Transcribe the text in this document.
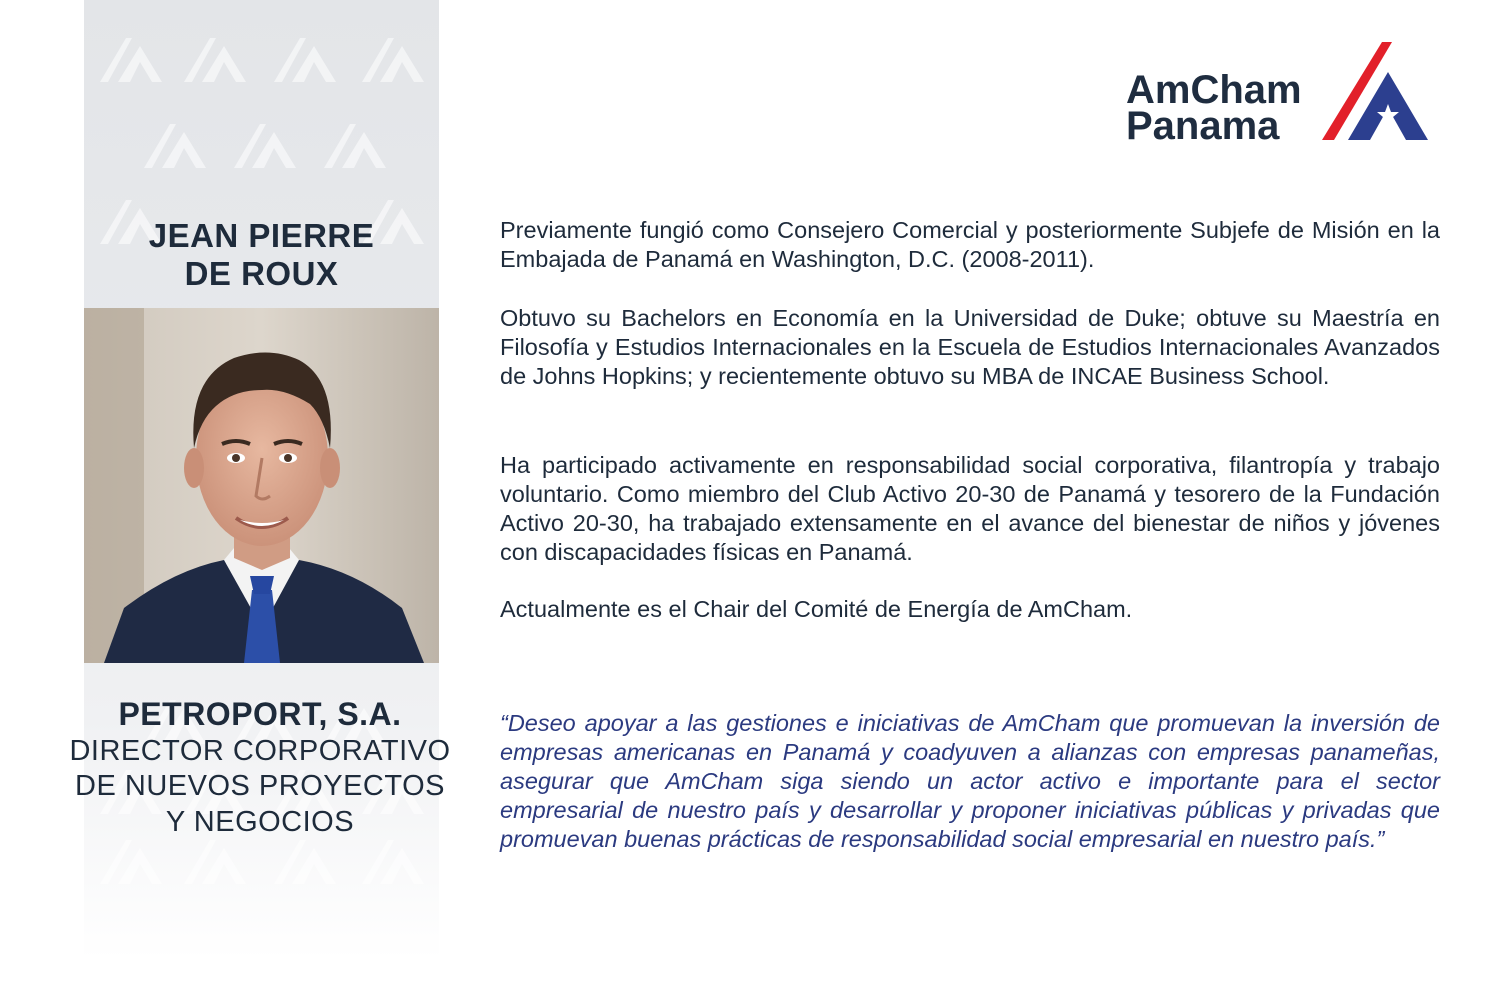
JEAN PIERRE
DE ROUX
PETROPORT, S.A.
DIRECTOR CORPORATIVO
DE NUEVOS PROYECTOS
Y NEGOCIOS
AmCham
Panama
Previamente fungió como Consejero Comercial y posteriormente Subjefe de Misión en la Embajada de Panamá en Washington, D.C. (2008-2011).
Obtuvo su Bachelors en Economía en la Universidad de Duke; obtuve su Maestría en Filosofía y Estudios Internacionales en la Escuela de Estudios Internacionales Avanzados de Johns Hopkins; y recientemente obtuvo su MBA de INCAE Business School.
Ha participado activamente en responsabilidad social corporativa, filantropía y trabajo voluntario. Como miembro del Club Activo 20-30 de Panamá y tesorero de la Fundación Activo 20-30, ha trabajado extensamente en el avance del bienestar de niños y jóvenes con discapacidades físicas en Panamá.
Actualmente es el Chair del Comité de Energía de AmCham.
“Deseo apoyar a las gestiones e iniciativas de AmCham que promuevan la inversión de empresas americanas en Panamá y coadyuven a alianzas con empresas panameñas, asegurar que AmCham siga siendo un actor activo e importante para el sector empresarial de nuestro país y desarrollar y proponer iniciativas públicas y privadas que promuevan buenas prácticas de responsabilidad social empresarial en nuestro país.”
